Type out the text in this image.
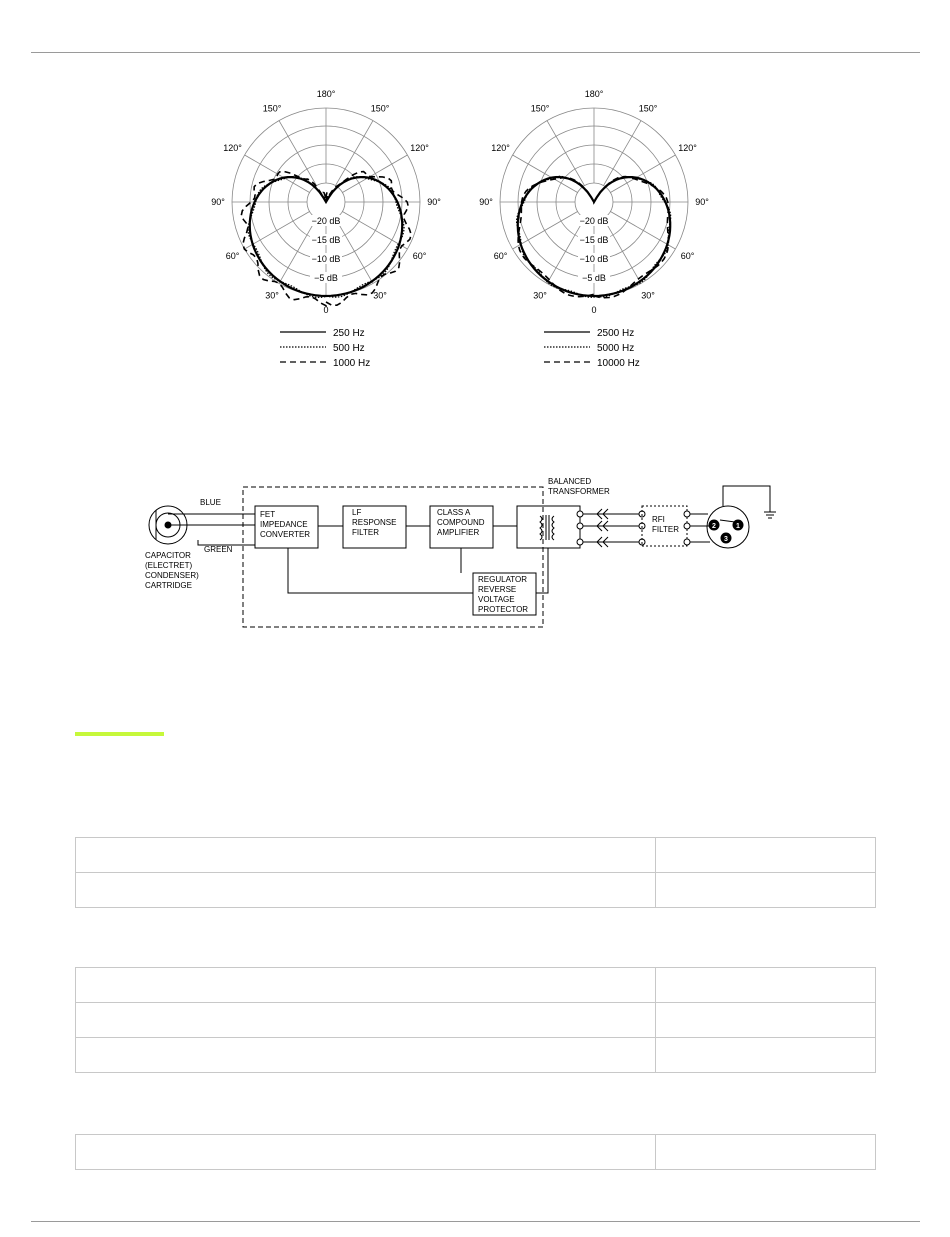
180°
150°
150°
120°
120°
90°
90°
60°
60°
30°
30°
0
−20 dB
−15 dB
−10 dB
−5 dB
180°
150°
150°
120°
120°
90°
90°
60°
60°
30°
30°
0
−20 dB
−15 dB
−10 dB
−5 dB
250 Hz
500 Hz
1000 Hz
2500 Hz
5000 Hz
10000 Hz
BLUE
GREEN
CAPACITOR
(ELECTRET)
CONDENSER)
CARTRIDGE
FET
IMPEDANCE
CONVERTER
LF
RESPONSE
FILTER
CLASS A
COMPOUND
AMPLIFIER
BALANCED
TRANSFORMER
REGULATOR
REVERSE
VOLTAGE
PROTECTOR
RFI
FILTER	1
2
3
